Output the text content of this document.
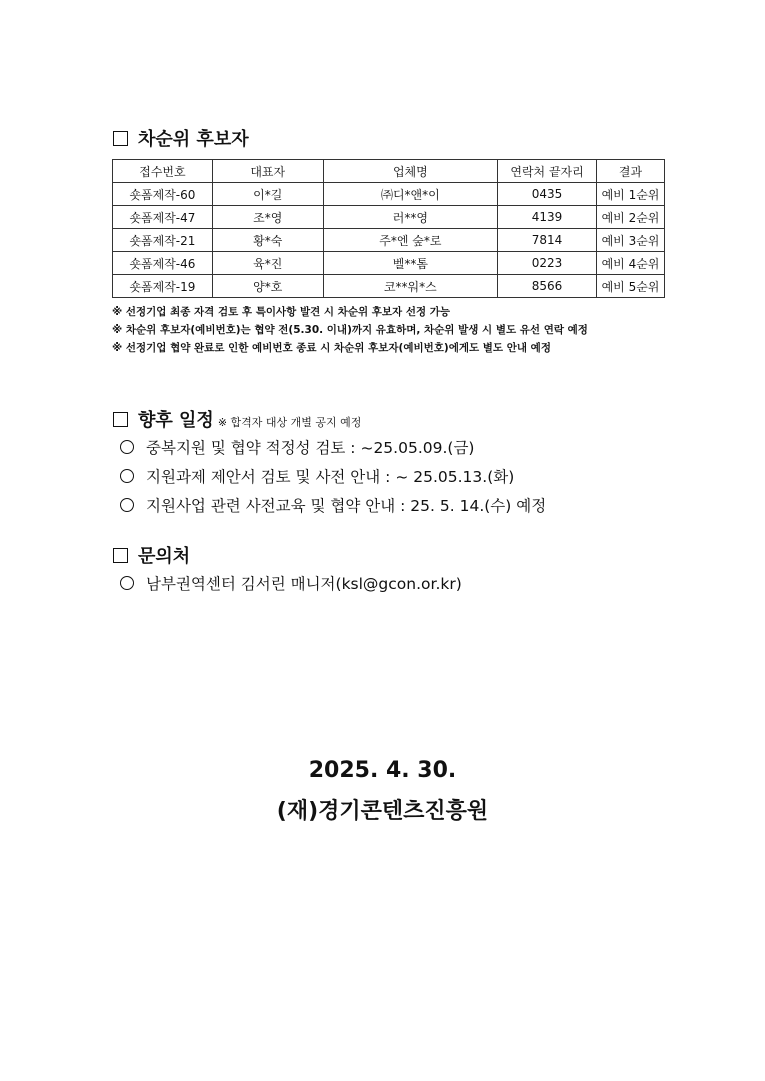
차순위 후보자
접수번호	대표자	업체명	연락처 끝자리	결과
숏폼제작-60	이*길	㈜디*앤*이	0435	예비 1순위
숏폼제작-47	조*영	러**영	4139	예비 2순위
숏폼제작-21	황*숙	주*엔 숲*로	7814	예비 3순위
숏폼제작-46	육*진	벨**톰	0223	예비 4순위
숏폼제작-19	양*호	코**워*스	8566	예비 5순위
※ 선정기업 최종 자격 검토 후 특이사항 발견 시 차순위 후보자 선정 가능
※ 차순위 후보자(예비번호)는 협약 전(5.30. 이내)까지 유효하며, 차순위 발생 시 별도 유선 연락 예정
※ 선정기업 협약 완료로 인한 예비번호 종료 시 차순위 후보자(예비번호)에게도 별도 안내 예정
향후 일정 ※ 합격자 대상 개별 공지 예정
중복지원 및 협약 적정성 검토 : ~25.05.09.(금)
지원과제 제안서 검토 및 사전 안내 : ~ 25.05.13.(화)
지원사업 관련 사전교육 및 협약 안내 : 25. 5. 14.(수) 예정
문의처
남부권역센터 김서린 매니저(ksl@gcon.or.kr)
2025. 4. 30.
(재)경기콘텐츠진흥원
